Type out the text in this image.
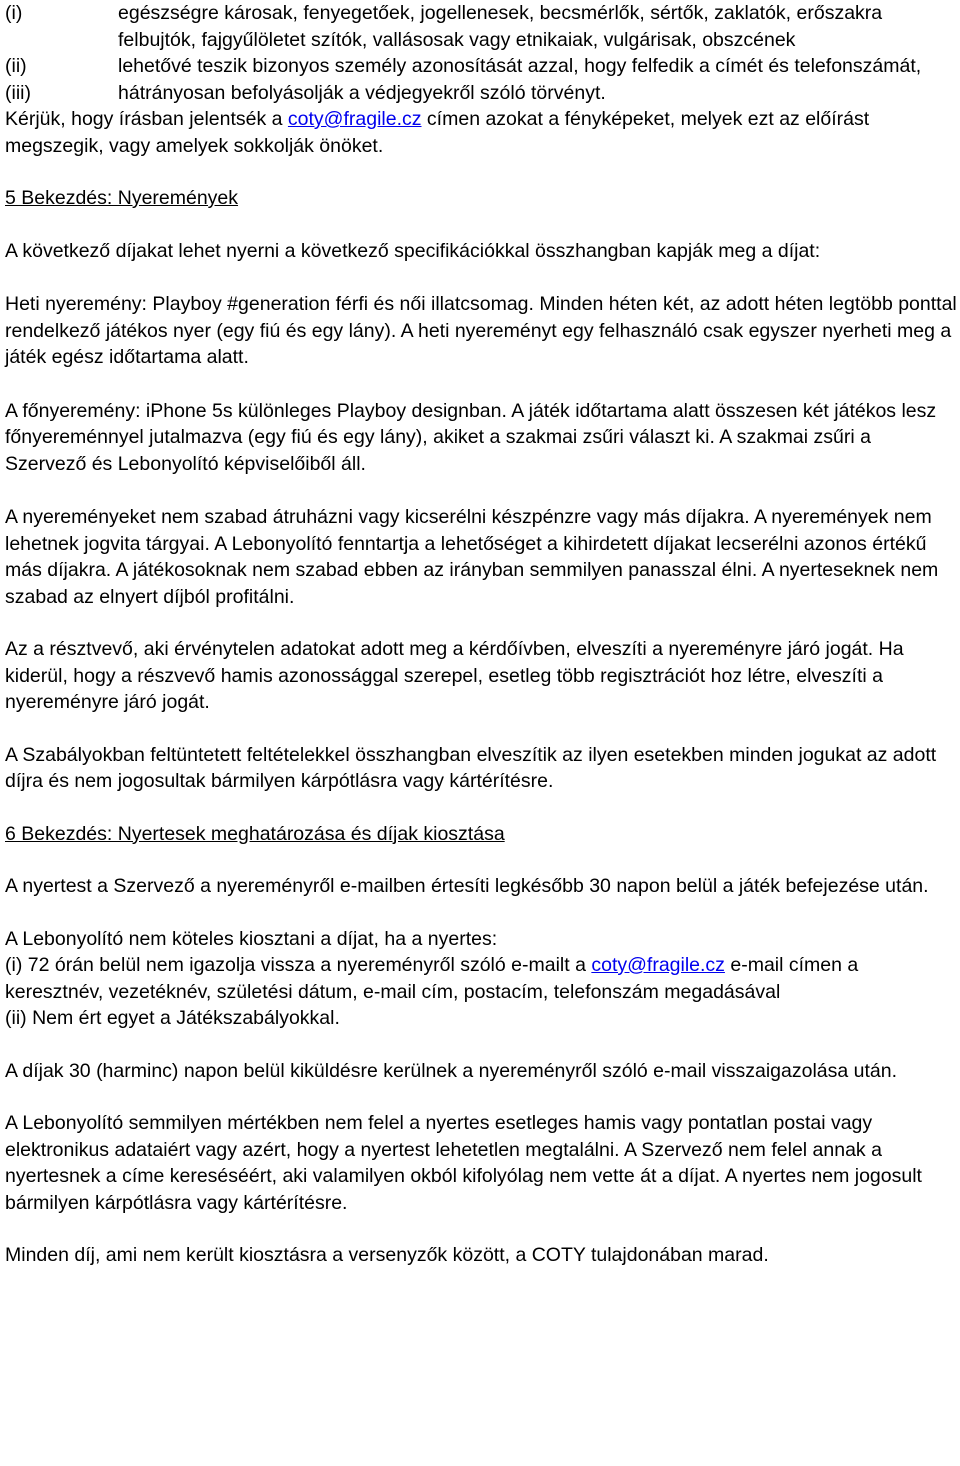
(i)	egészségre károsak, fenyegetőek, jogellenesek, becsmérlők, sértők, zaklatók, erőszakra felbujtók, fajgyűlöletet szítók, vallásosak vagy etnikaiak, vulgárisak, obszcének
(ii)	lehetővé teszik bizonyos személy azonosítását azzal, hogy felfedik a címét és telefonszámát,
(iii)	hátrányosan befolyásolják a védjegyekről szóló törvényt.

Kérjük, hogy írásban jelentsék a coty@fragile.cz címen azokat a fényképeket, melyek ezt az előírást megszegik, vagy amelyek sokkolják önöket.

5 Bekezdés: Nyeremények

A következő díjakat lehet nyerni a következő specifikációkkal összhangban kapják meg a díjat:

Heti nyeremény: Playboy #generation férfi és női illatcsomag. Minden héten két, az adott héten legtöbb ponttal rendelkező játékos nyer (egy fiú és egy lány). A heti nyereményt egy felhasználó csak egyszer nyerheti meg a játék egész időtartama alatt.

A főnyeremény: iPhone 5s különleges Playboy designban. A játék időtartama alatt összesen két játékos lesz főnyereménnyel jutalmazva (egy fiú és egy lány), akiket a szakmai zsűri választ ki. A szakmai zsűri a Szervező és Lebonyolító képviselőiből áll.

A nyereményeket nem szabad átruházni vagy kicserélni készpénzre vagy más díjakra. A nyeremények nem lehetnek jogvita tárgyai. A Lebonyolító fenntartja a lehetőséget a kihirdetett díjakat lecserélni azonos értékű más díjakra. A játékosoknak nem szabad ebben az irányban semmilyen panasszal élni. A nyerteseknek nem szabad az elnyert díjból profitálni.

Az a résztvevő, aki érvénytelen adatokat adott meg a kérdőívben, elveszíti a nyereményre járó jogát. Ha kiderül, hogy a részvevő hamis azonossággal szerepel, esetleg több regisztrációt hoz létre, elveszíti a nyereményre járó jogát.

A Szabályokban feltüntetett feltételekkel összhangban elveszítik az ilyen esetekben minden jogukat az adott díjra és nem jogosultak bármilyen kárpótlásra vagy kártérítésre.

6 Bekezdés: Nyertesek meghatározása és díjak kiosztása

A nyertest a Szervező a nyereményről e-mailben értesíti legkésőbb 30 napon belül a játék befejezése után.

A Lebonyolító nem köteles kiosztani a díjat, ha a nyertes:
(i) 72 órán belül nem igazolja vissza a nyereményről szóló e-mailt a coty@fragile.cz e-mail címen a keresztnév, vezetéknév, születési dátum, e-mail cím, postacím, telefonszám megadásával
(ii) Nem ért egyet a Játékszabályokkal.

A díjak 30 (harminc) napon belül kiküldésre kerülnek a nyereményről szóló e-mail visszaigazolása után.

A Lebonyolító semmilyen mértékben nem felel a nyertes esetleges hamis vagy pontatlan postai vagy elektronikus adataiért vagy azért, hogy a nyertest lehetetlen megtalálni. A Szervező nem felel annak a nyertesnek a címe kereséséért, aki valamilyen okból kifolyólag nem vette át a díjat. A nyertes nem jogosult bármilyen kárpótlásra vagy kártérítésre.

Minden díj, ami nem került kiosztásra a versenyzők között, a COTY tulajdonában marad.
